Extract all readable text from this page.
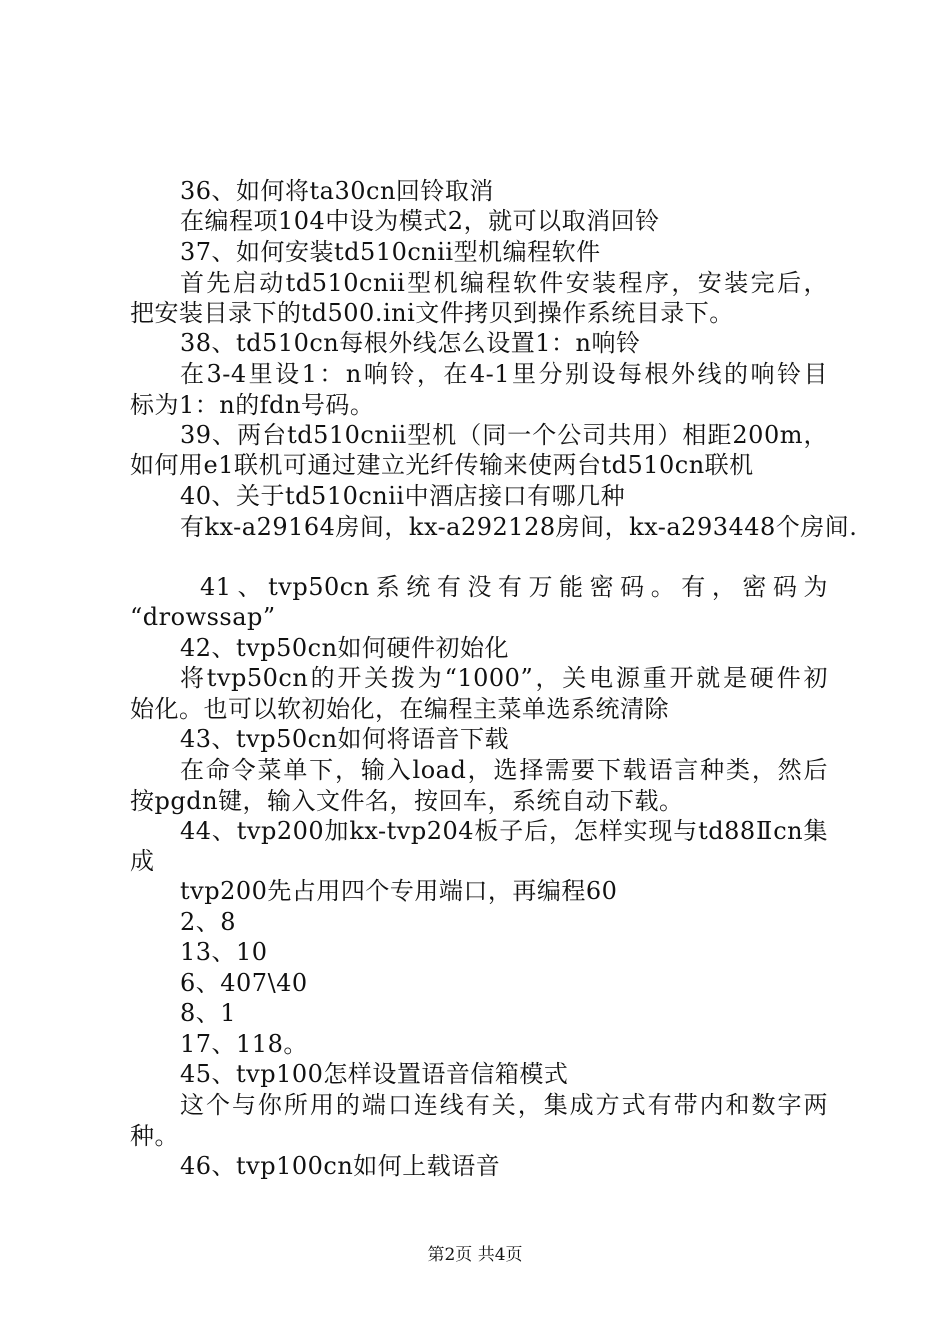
36、如何将ta30cn回铃取消
在编程项104中设为模式2，就可以取消回铃
37、如何安装td510cnii型机编程软件
首先启动td510cnii型机编程软件安装程序，安装完后，
把安装目录下的td500.ini文件拷贝到操作系统目录下。
38、td510cn每根外线怎么设置1：n响铃
在3-4里设1：n响铃，在4-1里分别设每根外线的响铃目
标为1：n的fdn号码。
39、两台td510cnii型机（同一个公司共用）相距200m，
如何用e1联机可通过建立光纤传输来使两台td510cn联机
40、关于td510cnii中酒店接口有哪几种
有kx-a29164房间，kx-a292128房间，kx-a293448个房间.
41、tvp50cn系统有没有万能密码。有，密码为
“drowssap”
42、tvp50cn如何硬件初始化
将tvp50cn的开关拨为“1000”，关电源重开就是硬件初
始化。也可以软初始化，在编程主菜单选系统清除
43、tvp50cn如何将语音下载
在命令菜单下，输入load，选择需要下载语言种类，然后
按pgdn键，输入文件名，按回车，系统自动下载。
44、tvp200加kx-tvp204板子后，怎样实现与td88Ⅱcn集
成
tvp200先占用四个专用端口，再编程60
2、8
13、10
6、407\40
8、1
17、118。
45、tvp100怎样设置语音信箱模式
这个与你所用的端口连线有关，集成方式有带内和数字两
种。
46、tvp100cn如何上载语音
第2页 共4页
